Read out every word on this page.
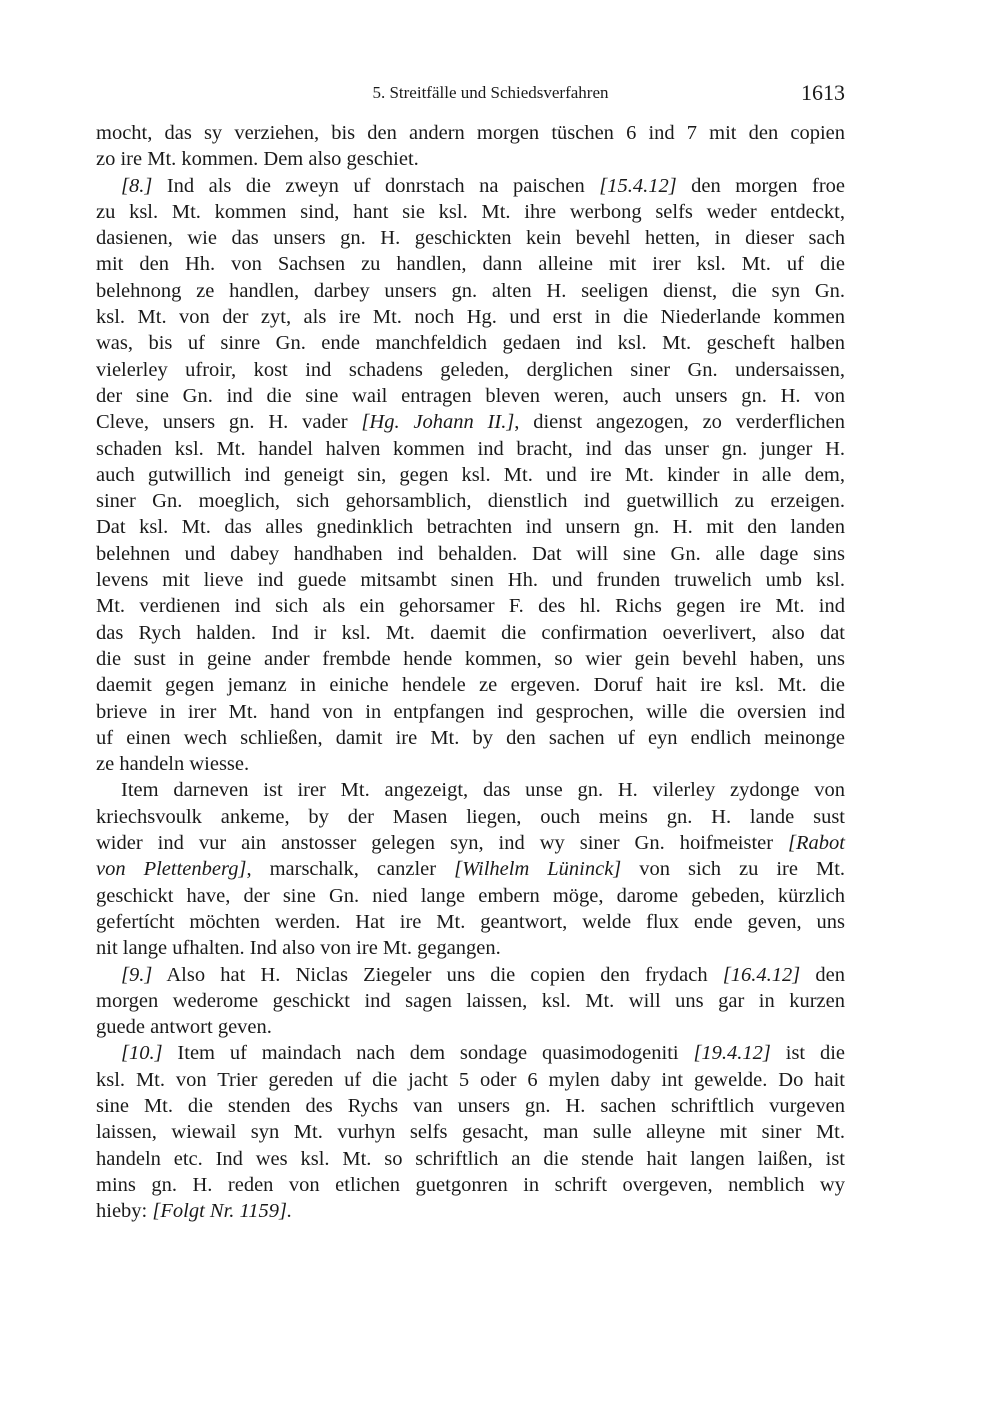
5. Streitfälle und Schiedsverfahren	1613
mocht, das sy verziehen, bis den andern morgen tüschen 6 ind 7 mit den copien
zo ire Mt. kommen. Dem also geschiet.
[8.] Ind als die zweyn uf donrstach na paischen [15.4.12] den morgen froe
zu ksl. Mt. kommen sind, hant sie ksl. Mt. ihre werbong selfs weder entdeckt,
dasienen, wie das unsers gn. H. geschickten kein bevehl hetten, in dieser sach
mit den Hh. von Sachsen zu handlen, dann alleine mit irer ksl. Mt. uf die
belehnong ze handlen, darbey unsers gn. alten H. seeligen dienst, die syn Gn.
ksl. Mt. von der zyt, als ire Mt. noch Hg. und erst in die Niederlande kommen
was, bis uf sinre Gn. ende manchfeldich gedaen ind ksl. Mt. gescheft halben
vielerley ufroir, kost ind schadens geleden, derglichen siner Gn. undersaissen,
der sine Gn. ind die sine wail entragen bleven weren, auch unsers gn. H. von
Cleve, unsers gn. H. vader [Hg. Johann II.], dienst angezogen, zo verderflichen
schaden ksl. Mt. handel halven kommen ind bracht, ind das unser gn. junger H.
auch gutwillich ind geneigt sin, gegen ksl. Mt. und ire Mt. kinder in alle dem,
siner Gn. moeglich, sich gehorsamblich, dienstlich ind guetwillich zu erzeigen.
Dat ksl. Mt. das alles gnedinklich betrachten ind unsern gn. H. mit den landen
belehnen und dabey handhaben ind behalden. Dat will sine Gn. alle dage sins
levens mit lieve ind guede mitsambt sinen Hh. und frunden truwelich umb ksl.
Mt. verdienen ind sich als ein gehorsamer F. des hl. Richs gegen ire Mt. ind
das Rych halden. Ind ir ksl. Mt. daemit die confirmation oeverlivert, also dat
die sust in geine ander frembde hende kommen, so wier gein bevehl haben, uns
daemit gegen jemanz in einiche hendele ze ergeven. Doruf hait ire ksl. Mt. die
brieve in irer Mt. hand von in entpfangen ind gesprochen, wille die oversien ind
uf einen wech schließen, damit ire Mt. by den sachen uf eyn endlich meinonge
ze handeln wiesse.
Item darneven ist irer Mt. angezeigt, das unse gn. H. vilerley zydonge von
kriechsvoulk ankeme, by der Masen liegen, ouch meins gn. H. lande sust
wider ind vur ain anstosser gelegen syn, ind wy siner Gn. hoifmeister [Rabot
von Plettenberg], marschalk, canzler [Wilhelm Lüninck] von sich zu ire Mt.
geschickt have, der sine Gn. nied lange embern möge, darome gebeden, kürzlich
gefertícht möchten werden. Hat ire Mt. geantwort, welde flux ende geven, uns
nit lange ufhalten. Ind also von ire Mt. gegangen.
[9.] Also hat H. Niclas Ziegeler uns die copien den frydach [16.4.12] den
morgen wederome geschickt ind sagen laissen, ksl. Mt. will uns gar in kurzen
guede antwort geven.
[10.] Item uf maindach nach dem sondage quasimodogeniti [19.4.12] ist die
ksl. Mt. von Trier gereden uf die jacht 5 oder 6 mylen daby int gewelde. Do hait
sine Mt. die stenden des Rychs van unsers gn. H. sachen schriftlich vurgeven
laissen, wiewail syn Mt. vurhyn selfs gesacht, man sulle alleyne mit siner Mt.
handeln etc. Ind wes ksl. Mt. so schriftlich an die stende hait langen laißen, ist
mins gn. H. reden von etlichen guetgonren in schrift overgeven, nemblich wy
hieby: [Folgt Nr. 1159].
